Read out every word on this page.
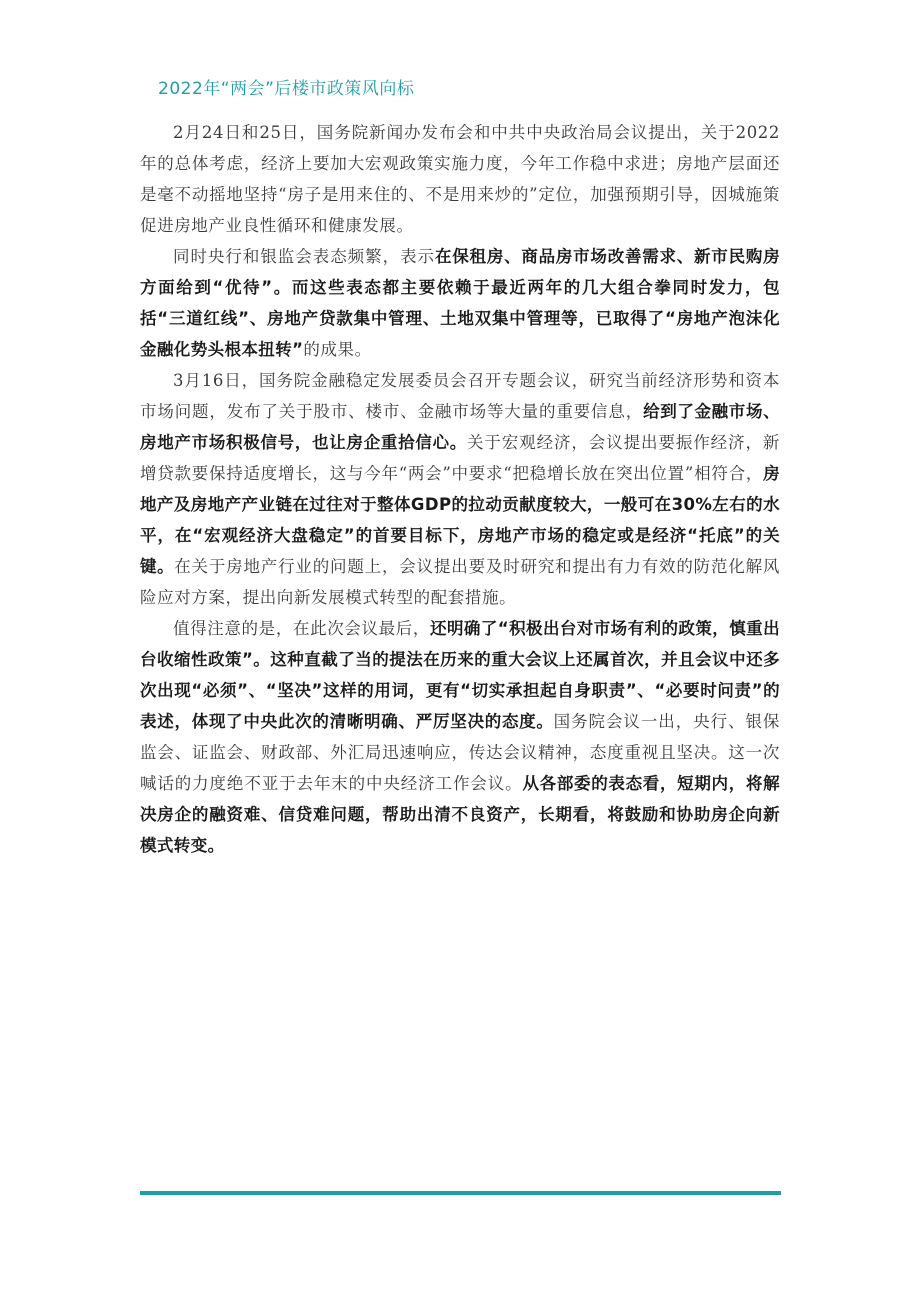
2022年“两会”后楼市政策风向标

2月24日和25日，国务院新闻办发布会和中共中央政治局会议提出，关于2022年的总体考虑，经济上要加大宏观政策实施力度，今年工作稳中求进；房地产层面还是毫不动摇地坚持“房子是用来住的、不是用来炒的”定位，加强预期引导，因城施策促进房地产业良性循环和健康发展。

同时央行和银监会表态频繁，表示在保租房、商品房市场改善需求、新市民购房方面给到“优待”。而这些表态都主要依赖于最近两年的几大组合拳同时发力，包括“三道红线”、房地产贷款集中管理、土地双集中管理等，已取得了“房地产泡沫化金融化势头根本扭转”的成果。

3月16日，国务院金融稳定发展委员会召开专题会议，研究当前经济形势和资本市场问题，发布了关于股市、楼市、金融市场等大量的重要信息，给到了金融市场、房地产市场积极信号，也让房企重拾信心。关于宏观经济，会议提出要振作经济，新增贷款要保持适度增长，这与今年“两会”中要求“把稳增长放在突出位置”相符合，房地产及房地产产业链在过往对于整体GDP的拉动贡献度较大，一般可在30%左右的水平，在“宏观经济大盘稳定”的首要目标下，房地产市场的稳定或是经济“托底”的关键。在关于房地产行业的问题上，会议提出要及时研究和提出有力有效的防范化解风险应对方案，提出向新发展模式转型的配套措施。

值得注意的是，在此次会议最后，还明确了“积极出台对市场有利的政策，慎重出台收缩性政策”。这种直截了当的提法在历来的重大会议上还属首次，并且会议中还多次出现“必须”、“坚决”这样的用词，更有“切实承担起自身职责”、“必要时问责”的表述，体现了中央此次的清晰明确、严厉坚决的态度。国务院会议一出，央行、银保监会、证监会、财政部、外汇局迅速响应，传达会议精神，态度重视且坚决。这一次喊话的力度绝不亚于去年末的中央经济工作会议。从各部委的表态看，短期内，将解决房企的融资难、信贷难问题，帮助出清不良资产，长期看，将鼓励和协助房企向新模式转变。
